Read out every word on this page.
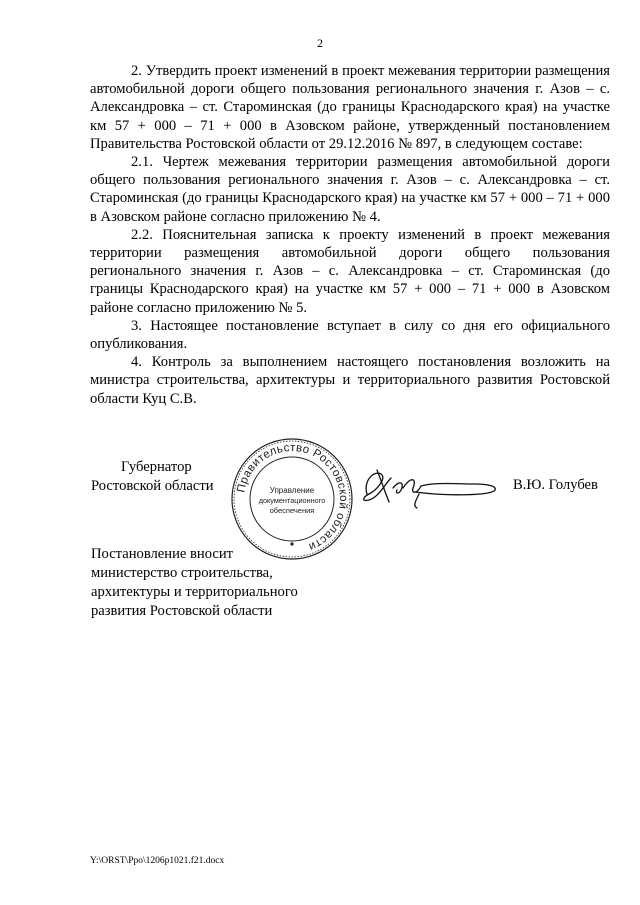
2

2. Утвердить проект изменений в проект межевания территории размещения автомобильной дороги общего пользования регионального значения г. Азов – с. Александровка – ст. Староминская (до границы Краснодарского края) на участке км 57 + 000 – 71 + 000 в Азовском районе, утвержденный постановлением Правительства Ростовской области от 29.12.2016 № 897, в следующем составе:

2.1. Чертеж межевания территории размещения автомобильной дороги общего пользования регионального значения г. Азов – с. Александровка – ст. Староминская (до границы Краснодарского края) на участке км 57 + 000 – 71 + 000 в Азовском районе согласно приложению № 4.

2.2. Пояснительная записка к проекту изменений в проект межевания территории размещения автомобильной дороги общего пользования регионального значения г. Азов – с. Александровка – ст. Староминская (до границы Краснодарского края) на участке км 57 + 000 – 71 + 000 в Азовском районе согласно приложению № 5.

3. Настоящее постановление вступает в силу со дня его официального опубликования.

4. Контроль за выполнением настоящего постановления возложить на министра строительства, архитектуры и территориального развития Ростовской области Куц С.В.

Губернатор
Ростовской области Правительство Ростовской области
Управление
документационного
обеспечения
В.Ю. Голубев
Постановление вносит
министерство строительства,
архитектуры и территориального
развития Ростовской области
Y:\ORST\Ppo\1206p1021.f21.docx
